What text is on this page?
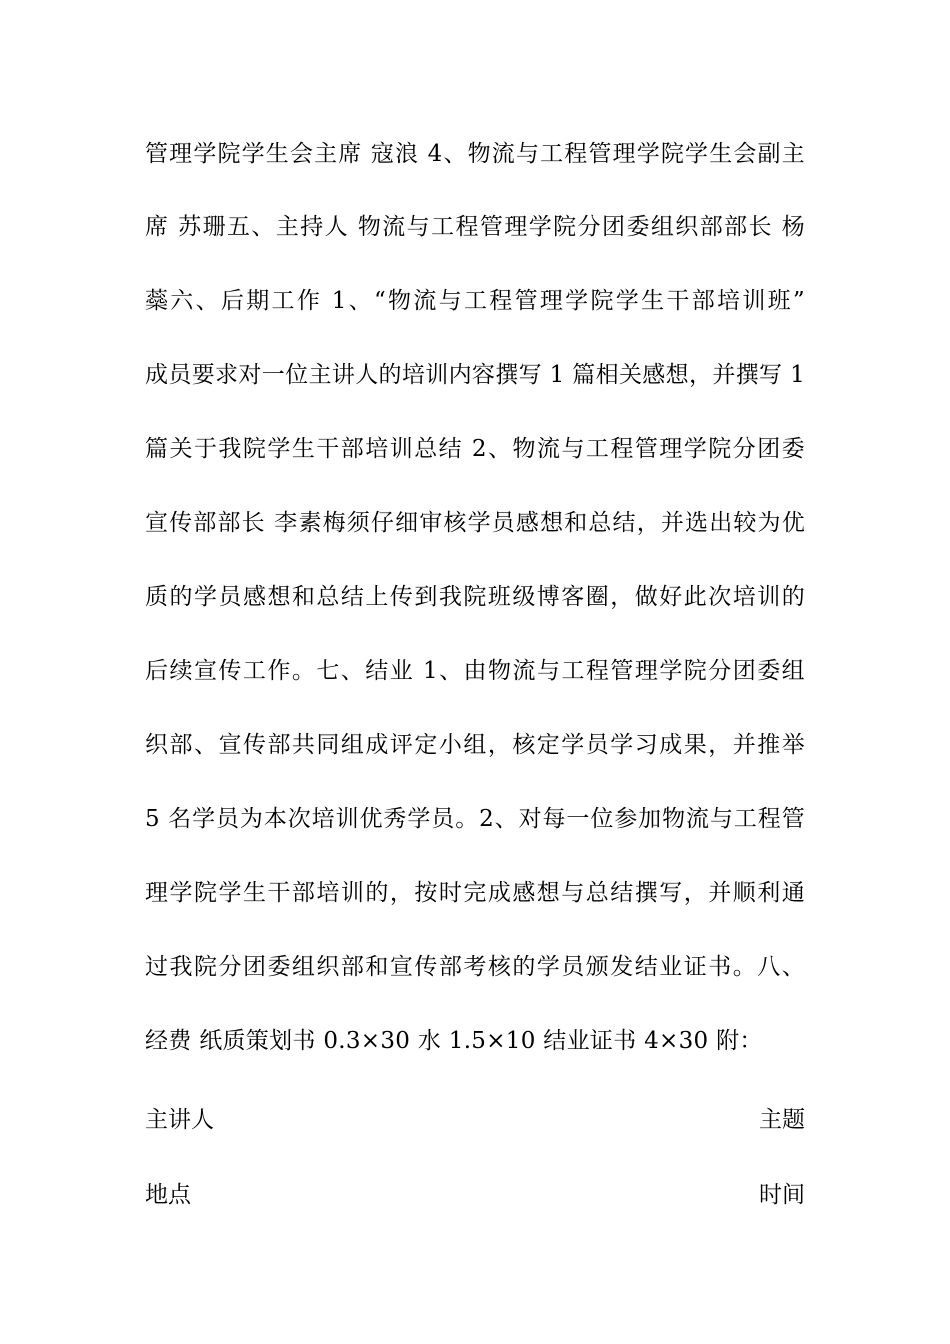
管理学院学生会主席 寇浪 4、物流与工程管理学院学生会副主
席 苏珊五、主持人 物流与工程管理学院分团委组织部部长 杨
蘂六、后期工作 1、“物流与工程管理学院学生干部培训班”
成员要求对一位主讲人的培训内容撰写 1 篇相关感想，并撰写 1
篇关于我院学生干部培训总结 2、物流与工程管理学院分团委
宣传部部长 李素梅须仔细审核学员感想和总结，并选出较为优
质的学员感想和总结上传到我院班级博客圈，做好此次培训的
后续宣传工作。七、结业 1、由物流与工程管理学院分团委组
织部、宣传部共同组成评定小组，核定学员学习成果，并推举
5 名学员为本次培训优秀学员。2、对每一位参加物流与工程管
理学院学生干部培训的，按时完成感想与总结撰写，并顺利通
过我院分团委组织部和宣传部考核的学员颁发结业证书。八、
经费 纸质策划书 0.3×30 水 1.5×10 结业证书 4×30 附：
主讲人	主题
地点	时间
